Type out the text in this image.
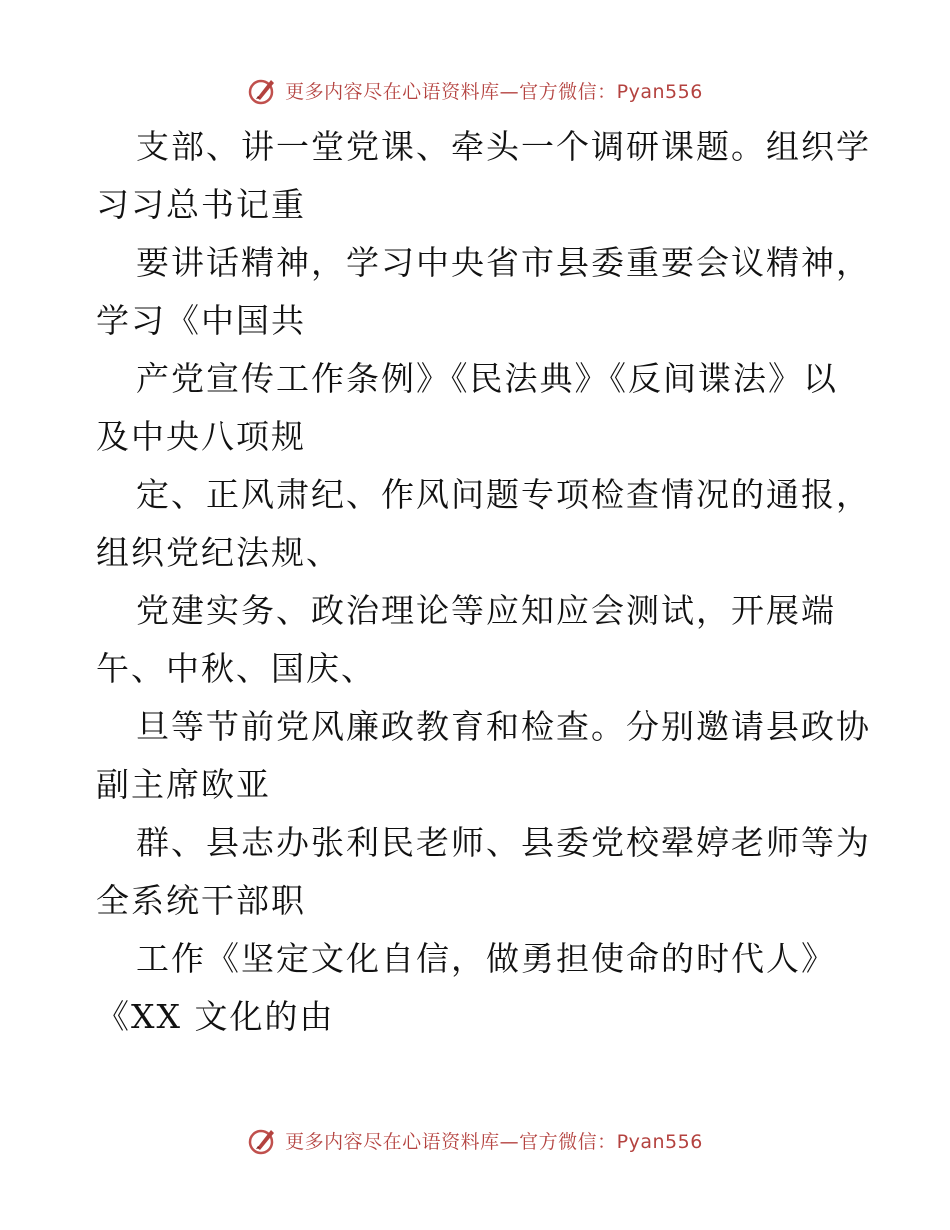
更多内容尽在心语资料库—官方微信：Pyan556
支部、讲一堂党课、牵头一个调研课题。组织学
习习总书记重
要讲话精神，学习中央省市县委重要会议精神，
学习《中国共
产党宣传工作条例》《民法典》《反间谍法》以
及中央八项规
定、正风肃纪、作风问题专项检查情况的通报，
组织党纪法规、
党建实务、政治理论等应知应会测试，开展端
午、中秋、国庆、
旦等节前党风廉政教育和检查。分别邀请县政协
副主席欧亚
群、县志办张利民老师、县委党校翚婷老师等为
全系统干部职
工作《坚定文化自信，做勇担使命的时代人》
《XX 文化的由
更多内容尽在心语资料库—官方微信：Pyan556
